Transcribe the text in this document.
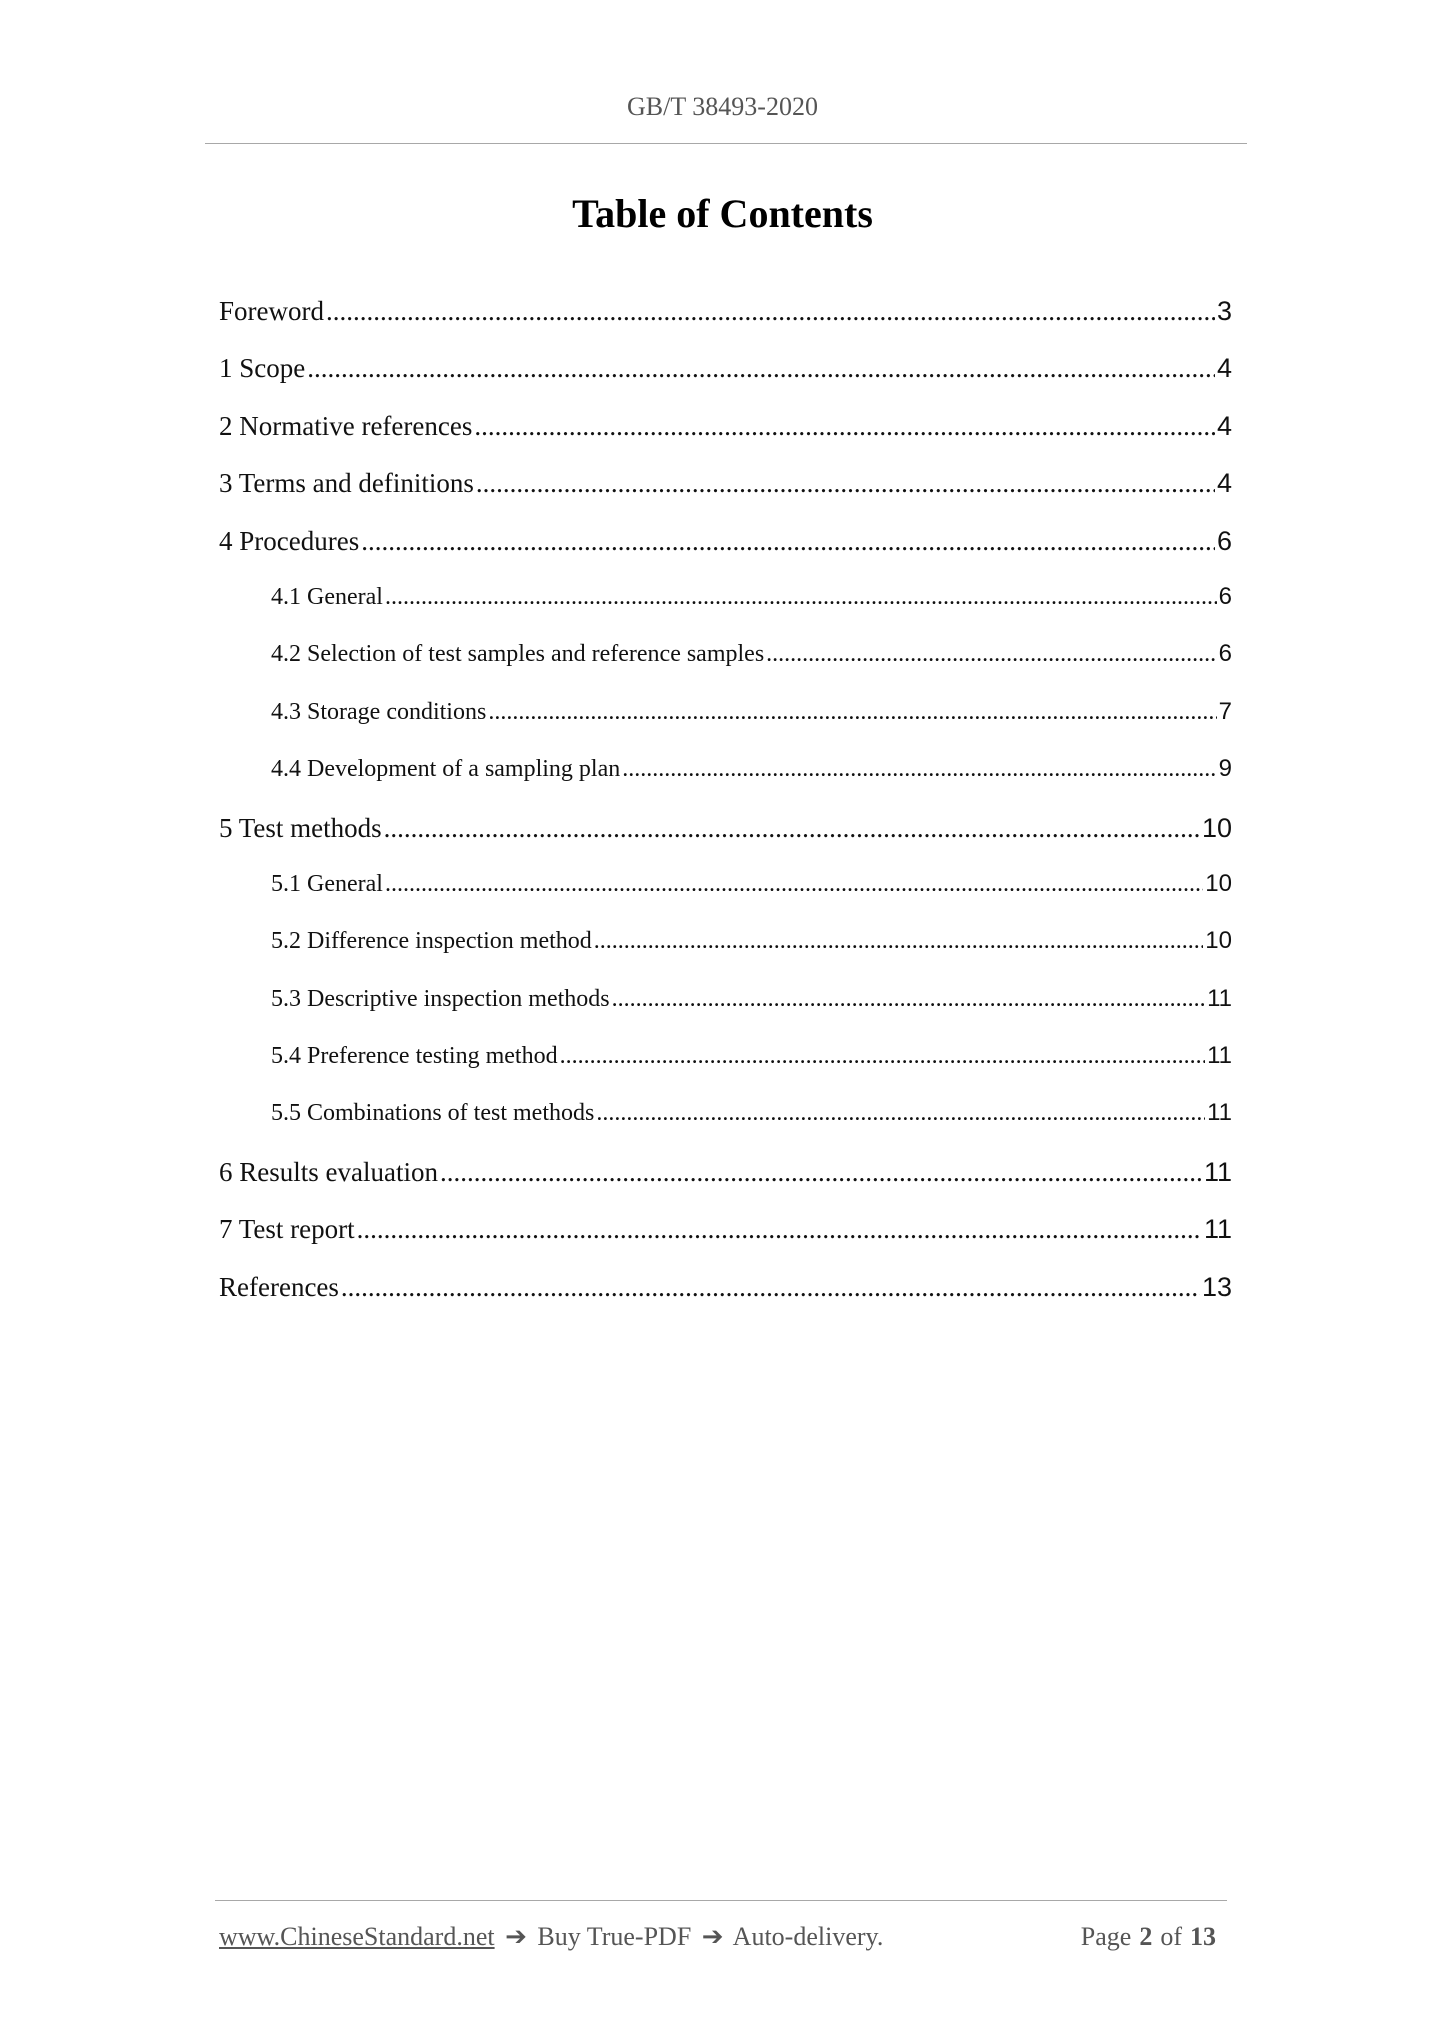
GB/T 38493-2020
Table of Contents
Foreword .....	3
1 Scope .....	4
2 Normative references .....	4
3 Terms and definitions .....	4
4 Procedures .....	6
4.1 General .....	6
4.2 Selection of test samples and reference samples .....	6
4.3 Storage conditions .....	7
4.4 Development of a sampling plan .....	9
5 Test methods .....	10
5.1 General .....	10
5.2 Difference inspection method .....	10
5.3 Descriptive inspection methods .....	11
5.4 Preference testing method .....	11
5.5 Combinations of test methods .....	11
6 Results evaluation .....	11
7 Test report .....	11
References .....	13
www.ChineseStandard.net ➔ Buy True-PDF ➔ Auto-delivery.	Page 2 of 13
